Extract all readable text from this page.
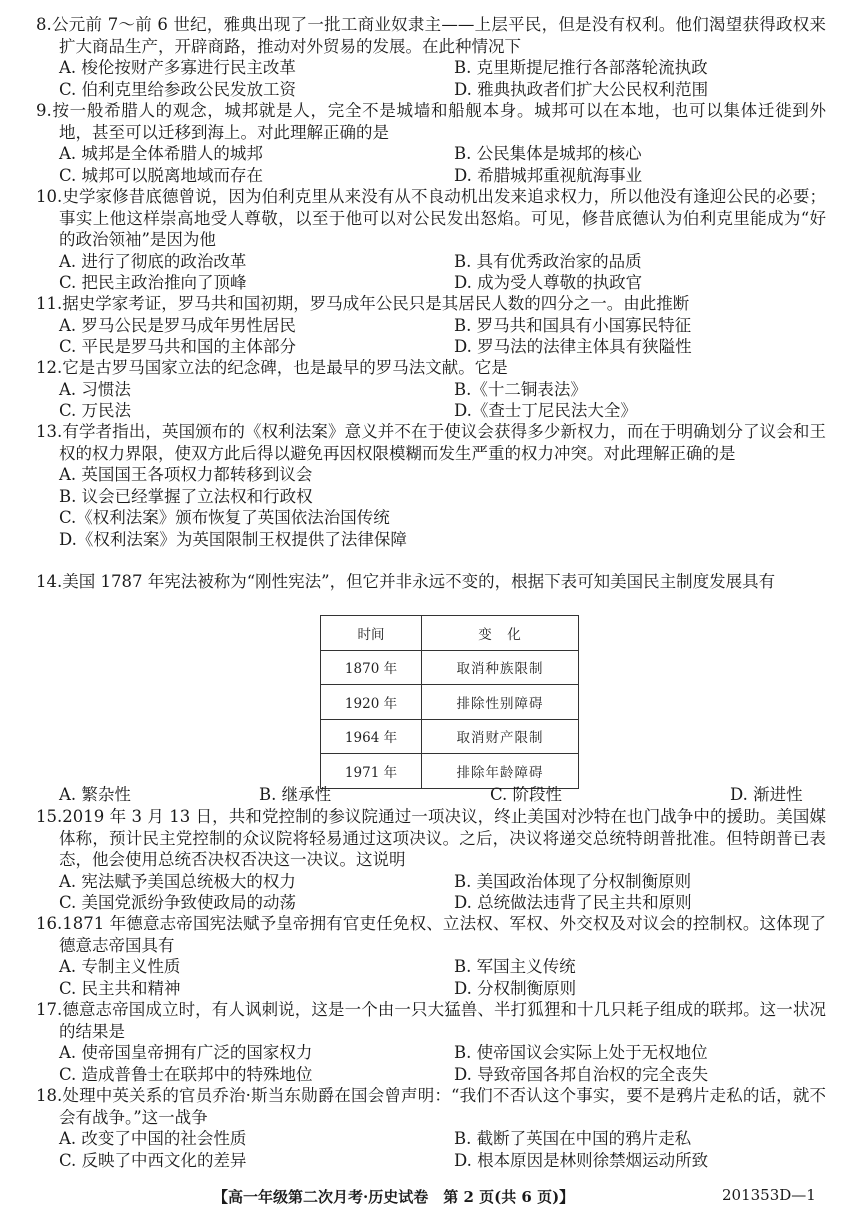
8.公元前 7～前 6 世纪，雅典出现了一批工商业奴隶主——上层平民，但是没有权利。他们渴望获得政权来扩大商品生产，开辟商路，推动对外贸易的发展。在此种情况下
A. 梭伦按财产多寡进行民主改革	B. 克里斯提尼推行各部落轮流执政
C. 伯利克里给参政公民发放工资	D. 雅典执政者们扩大公民权利范围
9.按一般希腊人的观念，城邦就是人，完全不是城墙和船舰本身。城邦可以在本地，也可以集体迁徙到外地，甚至可以迁移到海上。对此理解正确的是
A. 城邦是全体希腊人的城邦	B. 公民集体是城邦的核心
C. 城邦可以脱离地域而存在	D. 希腊城邦重视航海事业
10.史学家修昔底德曾说，因为伯利克里从来没有从不良动机出发来追求权力，所以他没有逢迎公民的必要；事实上他这样崇高地受人尊敬，以至于他可以对公民发出怒焰。可见，修昔底德认为伯利克里能成为“好的政治领袖”是因为他
A. 进行了彻底的政治改革	B. 具有优秀政治家的品质
C. 把民主政治推向了顶峰	D. 成为受人尊敬的执政官
11.据史学家考证，罗马共和国初期，罗马成年公民只是其居民人数的四分之一。由此推断
A. 罗马公民是罗马成年男性居民	B. 罗马共和国具有小国寡民特征
C. 平民是罗马共和国的主体部分	D. 罗马法的法律主体具有狭隘性
12.它是古罗马国家立法的纪念碑，也是最早的罗马法文献。它是
A. 习惯法	B.《十二铜表法》
C. 万民法	D.《查士丁尼民法大全》
13.有学者指出，英国颁布的《权利法案》意义并不在于使议会获得多少新权力，而在于明确划分了议会和王权的权力界限，使双方此后得以避免再因权限模糊而发生严重的权力冲突。对此理解正确的是
A. 英国国王各项权力都转移到议会
B. 议会已经掌握了立法权和行政权
C.《权利法案》颁布恢复了英国依法治国传统
D.《权利法案》为英国限制王权提供了法律保障
14.美国 1787 年宪法被称为“刚性宪法”，但它并非永远不变的，根据下表可知美国民主制度发展具有
时间	变　化
1870 年	取消种族限制
1920 年	排除性别障碍
1964 年	取消财产限制
1971 年	排除年龄障碍
A. 繁杂性	B. 继承性	C. 阶段性	D. 渐进性
15.2019 年 3 月 13 日，共和党控制的参议院通过一项决议，终止美国对沙特在也门战争中的援助。美国媒体称，预计民主党控制的众议院将轻易通过这项决议。之后，决议将递交总统特朗普批准。但特朗普已表态，他会使用总统否决权否决这一决议。这说明
A. 宪法赋予美国总统极大的权力	B. 美国政治体现了分权制衡原则
C. 美国党派纷争致使政局的动荡	D. 总统做法违背了民主共和原则
16.1871 年德意志帝国宪法赋予皇帝拥有官吏任免权、立法权、军权、外交权及对议会的控制权。这体现了德意志帝国具有
A. 专制主义性质	B. 军国主义传统
C. 民主共和精神	D. 分权制衡原则
17.德意志帝国成立时，有人讽刺说，这是一个由一只大猛兽、半打狐狸和十几只耗子组成的联邦。这一状况的结果是
A. 使帝国皇帝拥有广泛的国家权力	B. 使帝国议会实际上处于无权地位
C. 造成普鲁士在联邦中的特殊地位	D. 导致帝国各邦自治权的完全丧失
18.处理中英关系的官员乔治·斯当东勋爵在国会曾声明：“我们不否认这个事实，要不是鸦片走私的话，就不会有战争。”这一战争
A. 改变了中国的社会性质	B. 截断了英国在中国的鸦片走私
C. 反映了中西文化的差异	D. 根本原因是林则徐禁烟运动所致
【高一年级第二次月考·历史试卷　第 2 页(共 6 页)】	201353D—1
